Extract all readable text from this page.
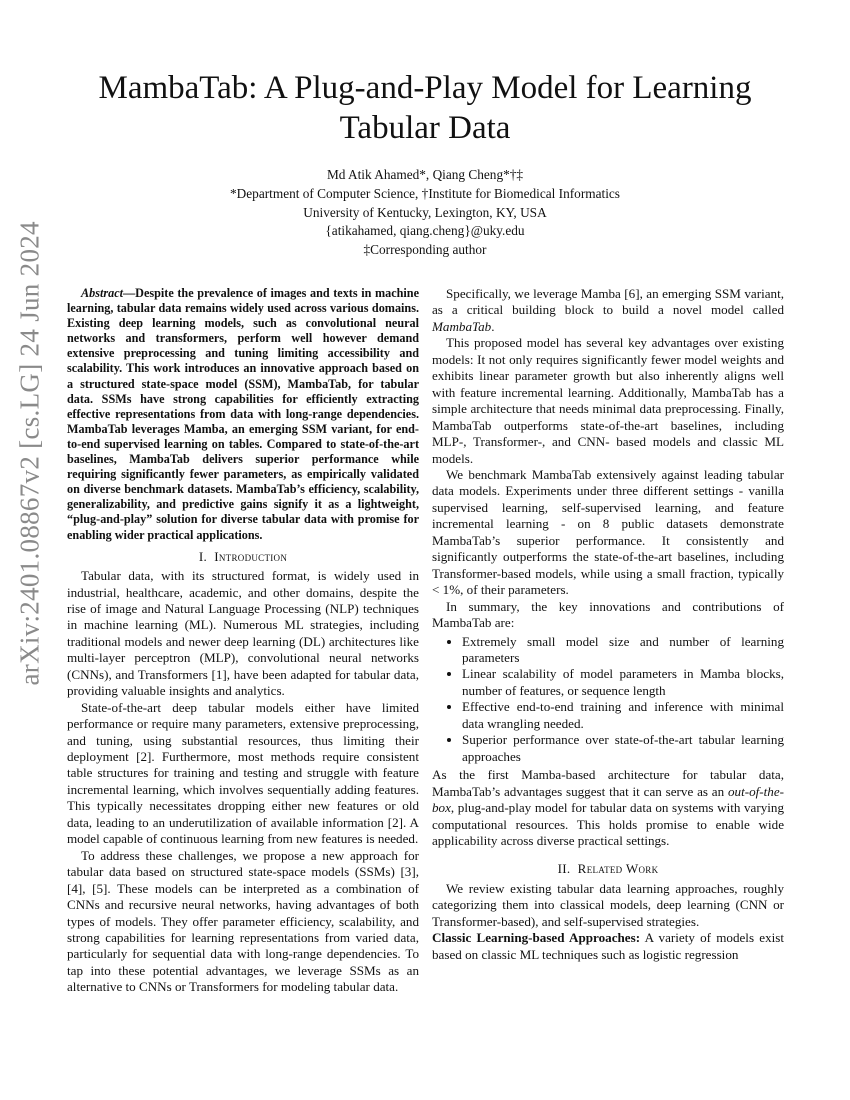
MambaTab: A Plug-and-Play Model for Learning Tabular Data
Md Atik Ahamed*, Qiang Cheng*†‡
*Department of Computer Science, †Institute for Biomedical Informatics
University of Kentucky, Lexington, KY, USA
{atikahamed, qiang.cheng}@uky.edu
‡Corresponding author
arXiv:2401.08867v2 [cs.LG] 24 Jun 2024	Abstract—Despite the prevalence of images and texts in machine learning, tabular data remains widely used across various domains. Existing deep learning models, such as convolutional neural networks and transformers, perform well however demand extensive preprocessing and tuning limiting accessibility and scalability. This work introduces an innovative approach based on a structured state-space model (SSM), MambaTab, for tabular data. SSMs have strong capabilities for efficiently extracting effective representations from data with long-range dependencies. MambaTab leverages Mamba, an emerging SSM variant, for end-to-end supervised learning on tables. Compared to state-of-the-art baselines, MambaTab delivers superior performance while requiring significantly fewer parameters, as empirically validated on diverse benchmark datasets. MambaTab’s efficiency, scalability, generalizability, and predictive gains signify it as a lightweight, “plug-and-play” solution for diverse tabular data with promise for enabling wider practical applications.

I. Introduction

Tabular data, with its structured format, is widely used in industrial, healthcare, academic, and other domains, despite the rise of image and Natural Language Processing (NLP) techniques in machine learning (ML). Numerous ML strategies, including traditional models and newer deep learning (DL) architectures like multi-layer perceptron (MLP), convolutional neural networks (CNNs), and Transformers [1], have been adapted for tabular data, providing valuable insights and analytics.

State-of-the-art deep tabular models either have limited performance or require many parameters, extensive preprocessing, and tuning, using substantial resources, thus limiting their deployment [2]. Furthermore, most methods require consistent table structures for training and testing and struggle with feature incremental learning, which involves sequentially adding features. This typically necessitates dropping either new features or old data, leading to an underutilization of available information [2]. A model capable of continuous learning from new features is needed.

To address these challenges, we propose a new approach for tabular data based on structured state-space models (SSMs) [3], [4], [5]. These models can be interpreted as a combination of CNNs and recursive neural networks, having advantages of both types of models. They offer parameter efficiency, scalability, and strong capabilities for learning representations from varied data, particularly for sequential data with long-range dependencies. To tap into these potential advantages, we leverage SSMs as an alternative to CNNs or Transformers for modeling tabular data.

Specifically, we leverage Mamba [6], an emerging SSM variant, as a critical building block to build a novel model called MambaTab.

This proposed model has several key advantages over existing models: It not only requires significantly fewer model weights and exhibits linear parameter growth but also inherently aligns well with feature incremental learning. Additionally, MambaTab has a simple architecture that needs minimal data preprocessing. Finally, MambaTab outperforms state-of-the-art baselines, including MLP-, Transformer-, and CNN- based models and classic ML models.

We benchmark MambaTab extensively against leading tabular data models. Experiments under three different settings - vanilla supervised learning, self-supervised learning, and feature incremental learning - on 8 public datasets demonstrate MambaTab’s superior performance. It consistently and significantly outperforms the state-of-the-art baselines, including Transformer-based models, while using a small fraction, typically < 1%, of their parameters.

In summary, the key innovations and contributions of MambaTab are:

• Extremely small model size and number of learning parameters
• Linear scalability of model parameters in Mamba blocks, number of features, or sequence length
• Effective end-to-end training and inference with minimal data wrangling needed.
• Superior performance over state-of-the-art tabular learning approaches

As the first Mamba-based architecture for tabular data, MambaTab’s advantages suggest that it can serve as an out-of-the-box, plug-and-play model for tabular data on systems with varying computational resources. This holds promise to enable wide applicability across diverse practical settings.

II. Related Work

We review existing tabular data learning approaches, roughly categorizing them into classical models, deep learning (CNN or Transformer-based), and self-supervised strategies.

Classic Learning-based Approaches: A variety of models exist based on classic ML techniques such as logistic regression
